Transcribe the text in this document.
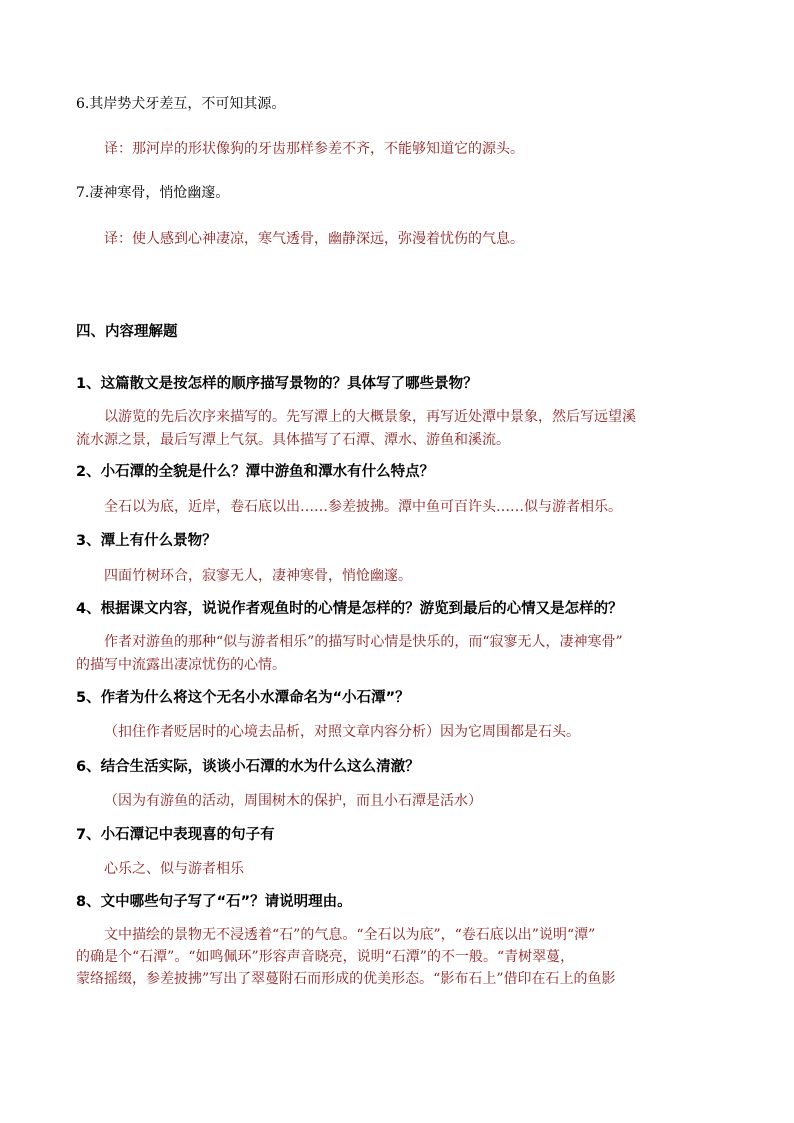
6.其岸势犬牙差互，不可知其源。
译：那河岸的形状像狗的牙齿那样参差不齐，不能够知道它的源头。
7.凄神寒骨，悄怆幽邃。
译：使人感到心神凄凉，寒气透骨，幽静深远，弥漫着忧伤的气息。
四、内容理解题
1、这篇散文是按怎样的顺序描写景物的？具体写了哪些景物？
以游览的先后次序来描写的。先写潭上的大概景象，再写近处潭中景象，然后写远望溪
流水源之景，最后写潭上气氛。具体描写了石潭、潭水、游鱼和溪流。
2、小石潭的全貌是什么？潭中游鱼和潭水有什么特点？
全石以为底，近岸，卷石底以出……参差披拂。潭中鱼可百许头……似与游者相乐。
3、潭上有什么景物？
四面竹树环合，寂寥无人，凄神寒骨，悄怆幽邃。
4、根据课文内容，说说作者观鱼时的心情是怎样的？游览到最后的心情又是怎样的？
作者对游鱼的那种“似与游者相乐”的描写时心情是快乐的，而“寂寥无人，凄神寒骨”
的描写中流露出凄凉忧伤的心情。
5、作者为什么将这个无名小水潭命名为“小石潭”？
（扣住作者贬居时的心境去品析，对照文章内容分析）因为它周围都是石头。
6、结合生活实际，谈谈小石潭的水为什么这么清澈？
（因为有游鱼的活动，周围树木的保护，而且小石潭是活水）
7、小石潭记中表现喜的句子有
心乐之、似与游者相乐
8、文中哪些句子写了“石”？请说明理由。
文中描绘的景物无不浸透着“石”的气息。“全石以为底”，“卷石底以出”说明“潭”
的确是个“石潭”。“如鸣佩环”形容声音晓亮，说明“石潭”的不一般。“青树翠蔓，
蒙络摇缀，参差披拂”写出了翠蔓附石而形成的优美形态。“影布石上”借印在石上的鱼影
